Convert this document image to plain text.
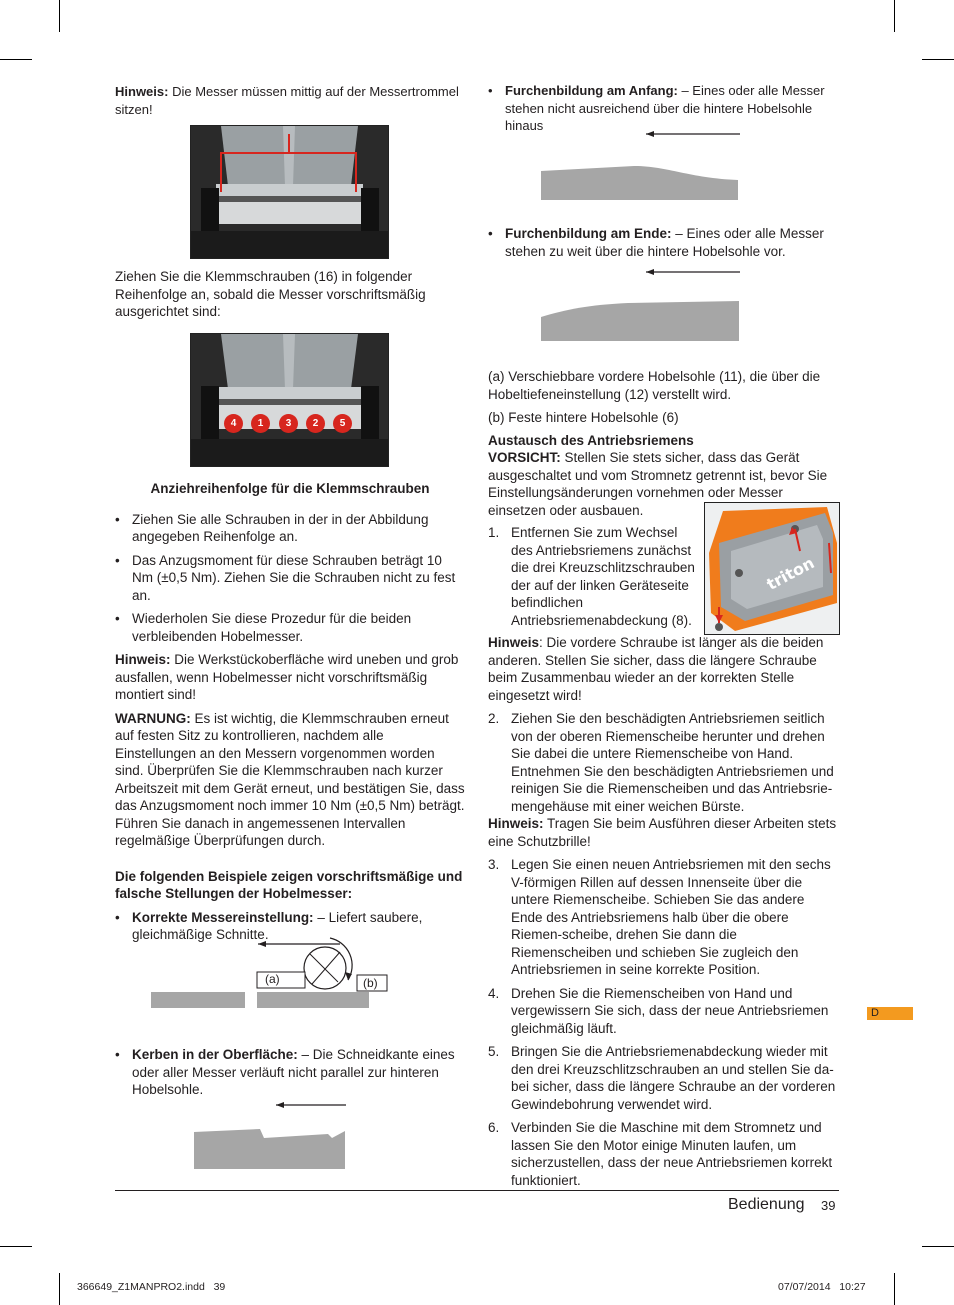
Hinweis: Die Messer müssen mittig auf der Messertrommel sitzen!

Ziehen Sie die Klemmschrauben (16) in folgender Reihenfolge an, sobald die Messer vorschriftsmäßig ausgerichtet sind:

4	1	3	2	5

Anziehreihenfolge für die Klemmschrauben

• Ziehen Sie alle Schrauben in der in der Abbildung angegeben Reihenfolge an.

• Das Anzugsmoment für diese Schrauben beträgt 10 Nm (±0,5 Nm). Ziehen Sie die Schrauben nicht zu fest an.

• Wiederholen Sie diese Prozedur für die beiden verbleibenden Hobelmesser.

Hinweis: Die Werkstückoberfläche wird uneben und grob ausfallen, wenn Hobelmesser nicht vorschriftsmäßig montiert sind!

WARNUNG: Es ist wichtig, die Klemmschrauben erneut auf festen Sitz zu kontrollieren, nachdem alle Einstellungen an den Messern vorgenommen worden sind. Überprüfen Sie die Klemmschrauben nach kurzer Arbeitszeit mit dem Gerät erneut, und bestätigen Sie, dass das Anzugsmoment noch immer 10 Nm (±0,5 Nm) beträgt. Führen Sie danach in angemessenen Intervallen regelmäßige Überprüfungen durch.

Die folgenden Beispiele zeigen vorschriftsmäßige und falsche Stellungen der Hobelmesser:

• Korrekte Messereinstellung: – Liefert saubere, gleichmäßige Schnitte.

(a)	(b)

• Kerben in der Oberfläche: – Die Schneidkante eines oder aller Messer verläuft nicht parallel zur hinteren Hobelsohle.

• Furchenbildung am Anfang: – Eines oder alle Messer stehen nicht ausreichend über die hintere Hobelsohle hinaus

• Furchenbildung am Ende: – Eines oder alle Messer stehen zu weit über die hintere Hobelsohle vor.

(a) Verschiebbare vordere Hobelsohle (11), die über die Hobeltiefeneinstellung (12) verstellt wird.

(b) Feste hintere Hobelsohle (6)

Austausch des Antriebsriemens

VORSICHT: Stellen Sie stets sicher, dass das Gerät ausgeschaltet und vom Stromnetz getrennt ist, bevor Sie Einstellungsänderungen vornehmen oder Messer einsetzen oder ausbauen.

1. Entfernen Sie zum Wechsel des Antriebsriemens zunächst die drei Kreuzschlitzschrauben der auf der linken Geräteseite befindlichen Antriebsriemenabdeckung (8).

Hinweis: Die vordere Schraube ist länger als die beiden anderen. Stellen Sie sicher, dass die längere Schraube beim Zusammenbau wieder an der korrekten Stelle eingesetzt wird!

2. Ziehen Sie den beschädigten Antriebsriemen seitlich von der oberen Riemenscheibe herunter und drehen Sie dabei die untere Riemenscheibe von Hand. Entnehmen Sie den beschädigten Antriebsriemen und reinigen Sie die Riemenscheiben und das Antriebsrie-mengehäuse mit einer weichen Bürste.

Hinweis: Tragen Sie beim Ausführen dieser Arbeiten stets eine Schutzbrille!

3. Legen Sie einen neuen Antriebsriemen mit den sechs V-förmigen Rillen auf dessen Innenseite über die untere Riemenscheibe. Schieben Sie das andere Ende des Antriebsriemens halb über die obere Riemen-scheibe, drehen Sie dann die Riemenscheiben und schieben Sie zugleich den Antriebsriemen in seine korrekte Position.

4. Drehen Sie die Riemenscheiben von Hand und vergewissern Sie sich, dass der neue Antriebsriemen gleichmäßig läuft.

5. Bringen Sie die Antriebsriemenabdeckung wieder mit den drei Kreuzschlitzschrauben an und stellen Sie da-bei sicher, dass die längere Schraube an der vorderen Gewindebohrung verwendet wird.

6. Verbinden Sie die Maschine mit dem Stromnetz und lassen Sie den Motor einige Minuten laufen, um sicherzustellen, dass der neue Antriebsriemen korrekt funktioniert.

triton
D
Bedienung 39
366649_Z1MANPRO2.indd   39	07/07/2014   10:27
